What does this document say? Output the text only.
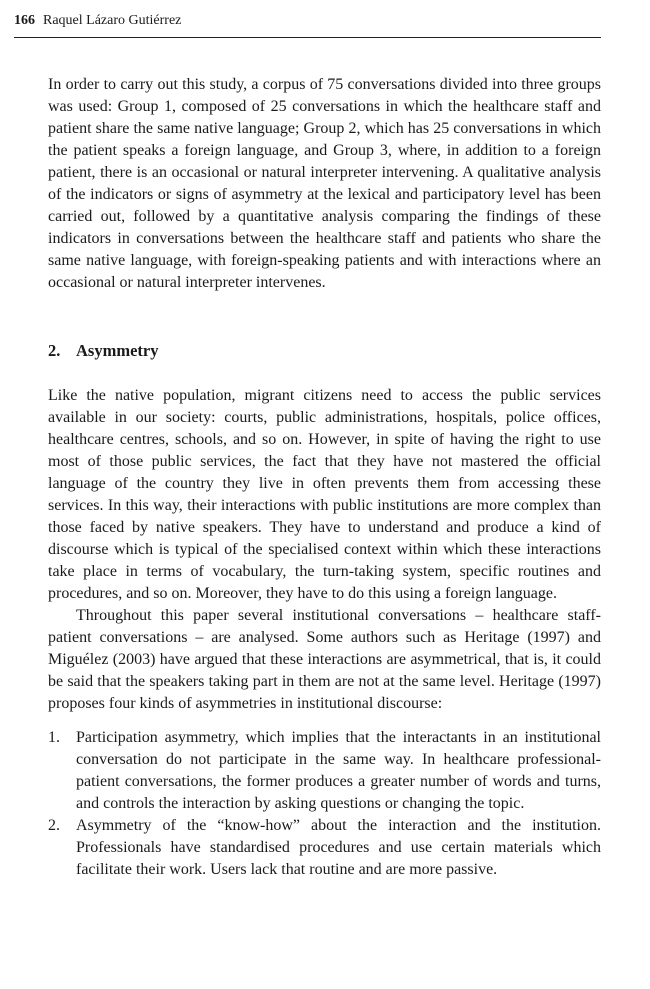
166 Raquel Lázaro Gutiérrez

In order to carry out this study, a corpus of 75 conversations divided into three groups was used: Group 1, composed of 25 conversations in which the healthcare staff and patient share the same native language; Group 2, which has 25 conversations in which the patient speaks a foreign language, and Group 3, where, in addition to a foreign patient, there is an occasional or natural interpreter intervening. A qualitative analysis of the indicators or signs of asymmetry at the lexical and participatory level has been carried out, followed by a quantitative analysis comparing the findings of these indicators in conversations between the healthcare staff and patients who share the same native language, with foreign-speaking patients and with interactions where an occasional or natural interpreter intervenes.

2. Asymmetry

Like the native population, migrant citizens need to access the public services available in our society: courts, public administrations, hospitals, police offices, healthcare centres, schools, and so on. However, in spite of having the right to use most of those public services, the fact that they have not mastered the official language of the country they live in often prevents them from accessing these services. In this way, their interactions with public institutions are more complex than those faced by native speakers. They have to understand and produce a kind of discourse which is typical of the specialised context within which these interactions take place in terms of vocabulary, the turn-taking system, specific routines and procedures, and so on. Moreover, they have to do this using a foreign language.

Throughout this paper several institutional conversations – healthcare staff-patient conversations – are analysed. Some authors such as Heritage (1997) and Miguélez (2003) have argued that these interactions are asymmetrical, that is, it could be said that the speakers taking part in them are not at the same level. Heritage (1997) proposes four kinds of asymmetries in institutional discourse:

1. Participation asymmetry, which implies that the interactants in an institutional conversation do not participate in the same way. In healthcare professional-patient conversations, the former produces a greater number of words and turns, and controls the interaction by asking questions or changing the topic.
2. Asymmetry of the “know-how” about the interaction and the institution. Professionals have standardised procedures and use certain materials which facilitate their work. Users lack that routine and are more passive.
